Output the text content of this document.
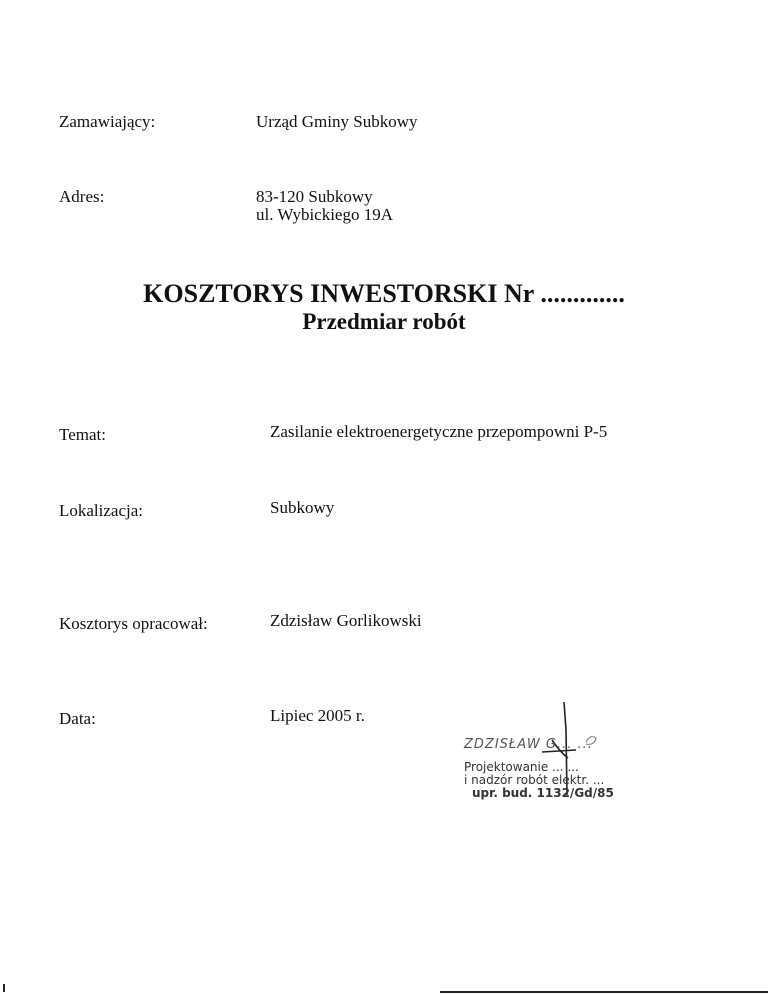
Zamawiający:	Urząd Gminy Subkowy
Adres:	83-120 Subkowy
ul. Wybickiego 19A
KOSZTORYS INWESTORSKI Nr .............
Przedmiar robót
Temat:	Zasilanie elektroenergetyczne przepompowni P-5
Lokalizacja:	Subkowy
Kosztorys opracował:	Zdzisław Gorlikowski
Data:	Lipiec 2005 r.
ZDZISŁAW G... ...
Projektowanie ... ...
i nadzór robót elektr. ...
upr. bud. 1132/Gd/85
